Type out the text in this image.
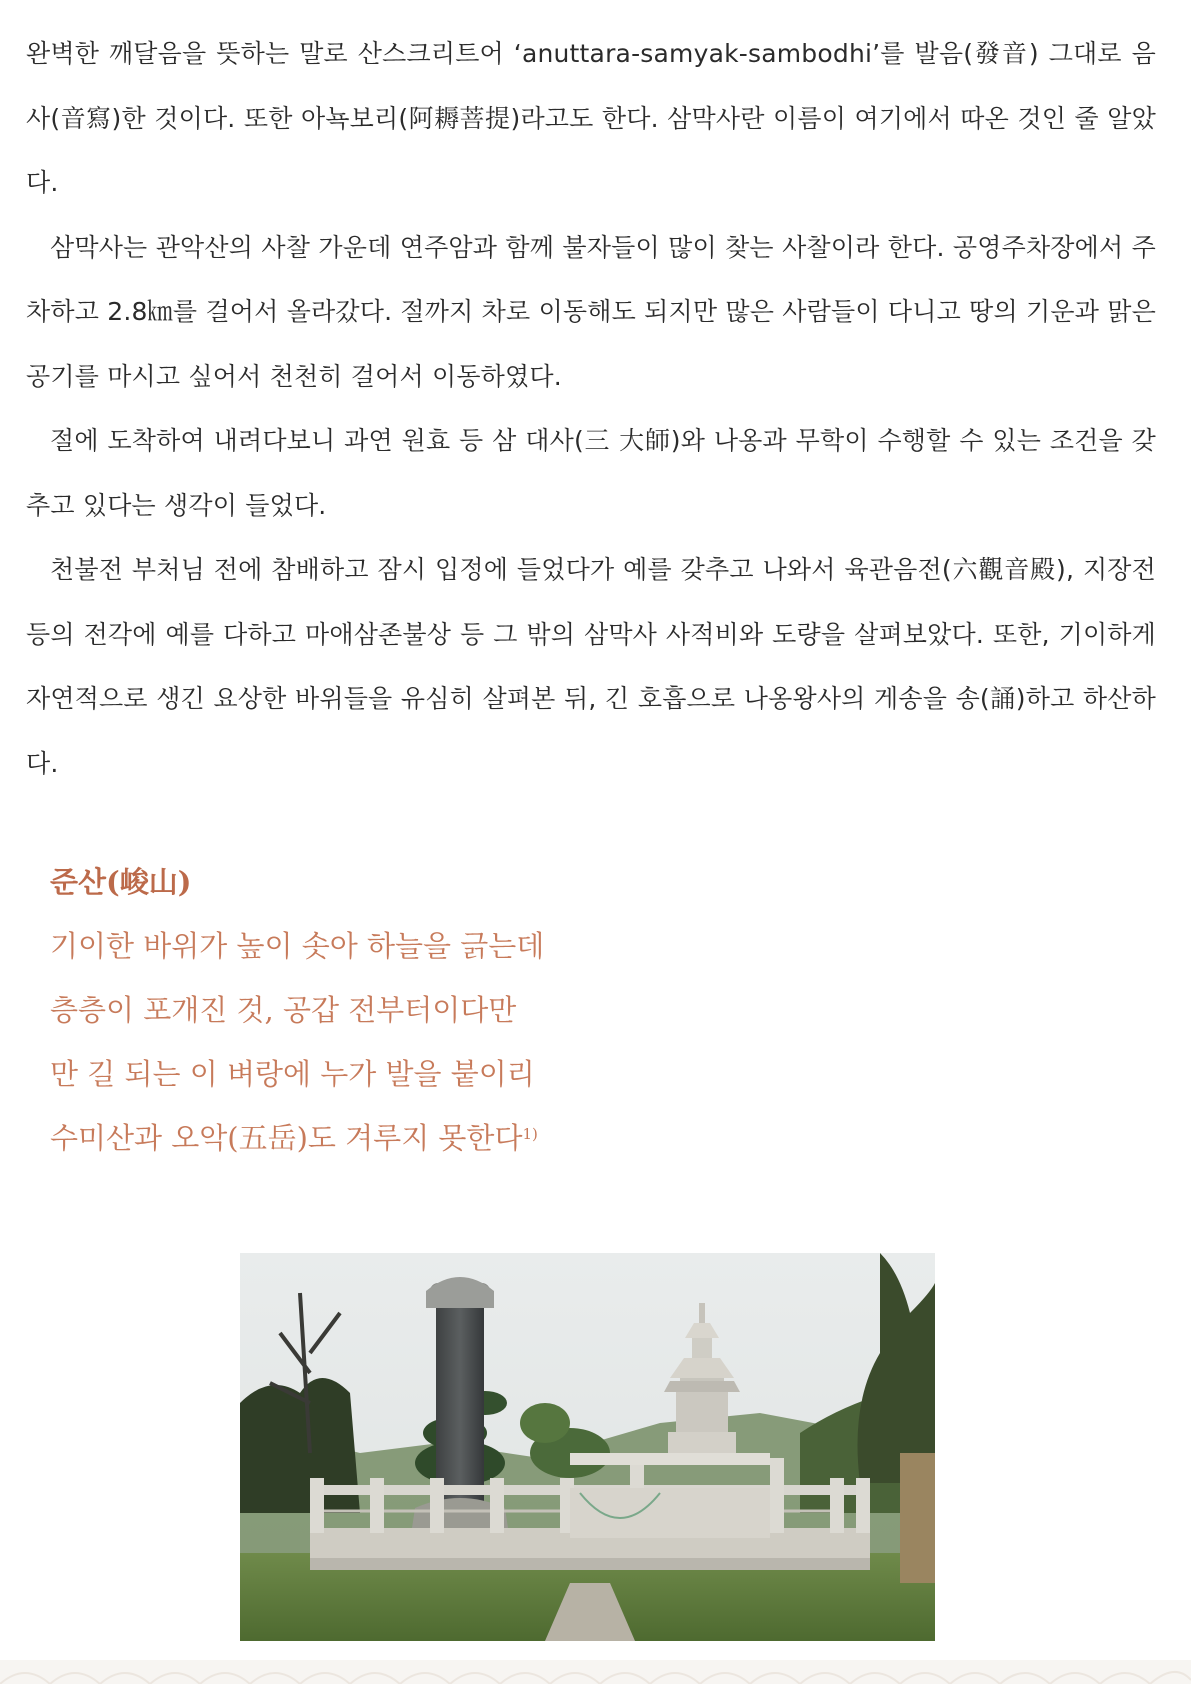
완벽한 깨달음을 뜻하는 말로 산스크리트어 ‘anuttara-samyak-sambodhi’를 발음(發音) 그대로 음사(音寫)한 것이다. 또한 아뇩보리(阿耨菩提)라고도 한다. 삼막사란 이름이 여기에서 따온 것인 줄 알았다.

삼막사는 관악산의 사찰 가운데 연주암과 함께 불자들이 많이 찾는 사찰이라 한다. 공영주차장에서 주차하고 2.8㎞를 걸어서 올라갔다. 절까지 차로 이동해도 되지만 많은 사람들이 다니고 땅의 기운과 맑은 공기를 마시고 싶어서 천천히 걸어서 이동하였다.

절에 도착하여 내려다보니 과연 원효 등 삼 대사(三 大師)와 나옹과 무학이 수행할 수 있는 조건을 갖추고 있다는 생각이 들었다.

천불전 부처님 전에 참배하고 잠시 입정에 들었다가 예를 갖추고 나와서 육관음전(六觀音殿), 지장전 등의 전각에 예를 다하고 마애삼존불상 등 그 밖의 삼막사 사적비와 도량을 살펴보았다. 또한, 기이하게 자연적으로 생긴 요상한 바위들을 유심히 살펴본 뒤, 긴 호흡으로 나옹왕사의 게송을 송(誦)하고 하산하다.

준산(峻山)
기이한 바위가 높이 솟아 하늘을 긁는데
층층이 포개진 것, 공갑 전부터이다만
만 길 되는 이 벼랑에 누가 발을 붙이리
수미산과 오악(五岳)도 겨루지 못한다$^{1)}$
